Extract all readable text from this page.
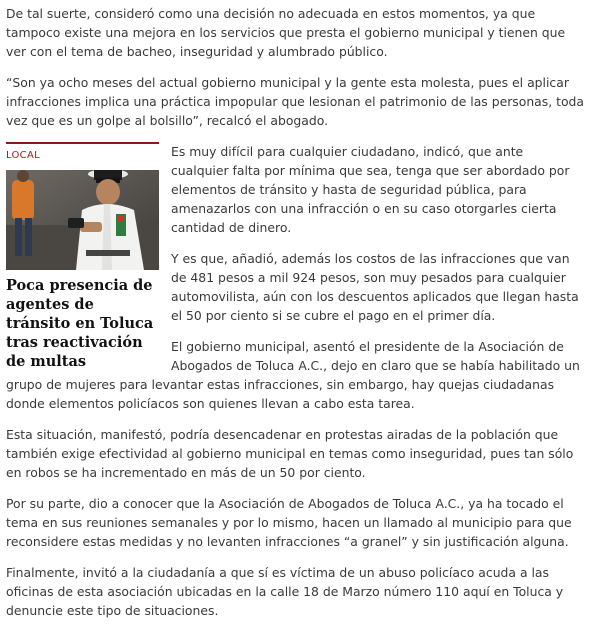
De tal suerte, consideró como una decisión no adecuada en estos momentos, ya que tampoco existe una mejora en los servicios que presta el gobierno municipal y tienen que ver con el tema de bacheo, inseguridad y alumbrado público.

“Son ya ocho meses del actual gobierno municipal y la gente esta molesta, pues el aplicar infracciones implica una práctica impopular que lesionan el patrimonio de las personas, toda vez que es un golpe al bolsillo”, recalcó el abogado.

LOCAL
Poca presencia de agentes de tránsito en Toluca tras reactivación de multas

Es muy difícil para cualquier ciudadano, indicó, que ante cualquier falta por mínima que sea, tenga que ser abordado por elementos de tránsito y hasta de seguridad pública, para amenazarlos con una infracción o en su caso otorgarles cierta cantidad de dinero.

Y es que, añadió, además los costos de las infracciones que van de 481 pesos a mil 924 pesos, son muy pesados para cualquier automovilista, aún con los descuentos aplicados que llegan hasta el 50 por ciento si se cubre el pago en el primer día.

El gobierno municipal, asentó el presidente de la Asociación de Abogados de Toluca A.C., dejo en claro que se había habilitado un grupo de mujeres para levantar estas infracciones, sin embargo, hay quejas ciudadanas donde elementos policíacos son quienes llevan a cabo esta tarea.

Esta situación, manifestó, podría desencadenar en protestas airadas de la población que también exige efectividad al gobierno municipal en temas como inseguridad, pues tan sólo en robos se ha incrementado en más de un 50 por ciento.

Por su parte, dio a conocer que la Asociación de Abogados de Toluca A.C., ya ha tocado el tema en sus reuniones semanales y por lo mismo, hacen un llamado al municipio para que reconsidere estas medidas y no levanten infracciones “a granel” y sin justificación alguna.

Finalmente, invitó a la ciudadanía a que sí es víctima de un abuso policíaco acuda a las oficinas de esta asociación ubicadas en la calle 18 de Marzo número 110 aquí en Toluca y denuncie este tipo de situaciones.
